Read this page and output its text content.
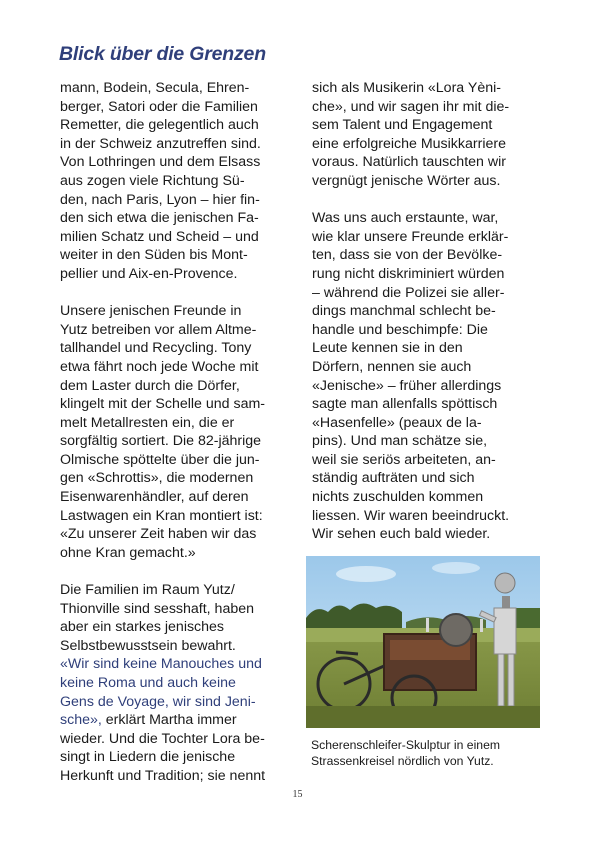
Blick über die Grenzen
mann, Bodein, Secula, Ehren-
berger, Satori oder die Familien
Remetter, die gelegentlich auch
in der Schweiz anzutreffen sind.
Von Lothringen und dem Elsass
aus zogen viele Richtung Sü-
den, nach Paris, Lyon – hier fin-
den sich etwa die jenischen Fa-
milien Schatz und Scheid – und
weiter in den Süden bis Mont-
pellier und Aix-en-Provence.
Unsere jenischen Freunde in
Yutz betreiben vor allem Altme-
tallhandel und Recycling. Tony
etwa fährt noch jede Woche mit
dem Laster durch die Dörfer,
klingelt mit der Schelle und sam-
melt Metallresten ein, die er
sorgfältig sortiert. Die 82-jährige
Olmische spöttelte über die jun-
gen «Schrottis», die modernen
Eisenwarenhändler, auf deren
Lastwagen ein Kran montiert ist:
«Zu unserer Zeit haben wir das
ohne Kran gemacht.»
Die Familien im Raum Yutz/
Thionville sind sesshaft, haben
aber ein starkes jenisches
Selbstbewusstsein bewahrt.
«Wir sind keine Manouches und
keine Roma und auch keine
Gens de Voyage, wir sind Jeni-
sche», erklärt Martha immer
wieder. Und die Tochter Lora be-
singt in Liedern die jenische
Herkunft und Tradition; sie nennt
sich als Musikerin «Lora Yèni-
che», und wir sagen ihr mit die-
sem Talent und Engagement
eine erfolgreiche Musikkarriere
voraus. Natürlich tauschten wir
vergnügt jenische Wörter aus.
Was uns auch erstaunte, war,
wie klar unsere Freunde erklär-
ten, dass sie von der Bevölke-
rung nicht diskriminiert würden
– während die Polizei sie aller-
dings manchmal schlecht be-
handle und beschimpfe: Die
Leute kennen sie in den
Dörfern, nennen sie auch
«Jenische» – früher allerdings
sagte man allenfalls spöttisch
«Hasenfelle» (peaux de la-
pins). Und man schätze sie,
weil sie seriös arbeiteten, an-
ständig aufträten und sich
nichts zuschulden kommen
liessen. Wir waren beeindruckt.
Wir sehen euch bald wieder.
Scherenschleifer-Skulptur in einem
Strassenkreisel nördlich von Yutz.
15
